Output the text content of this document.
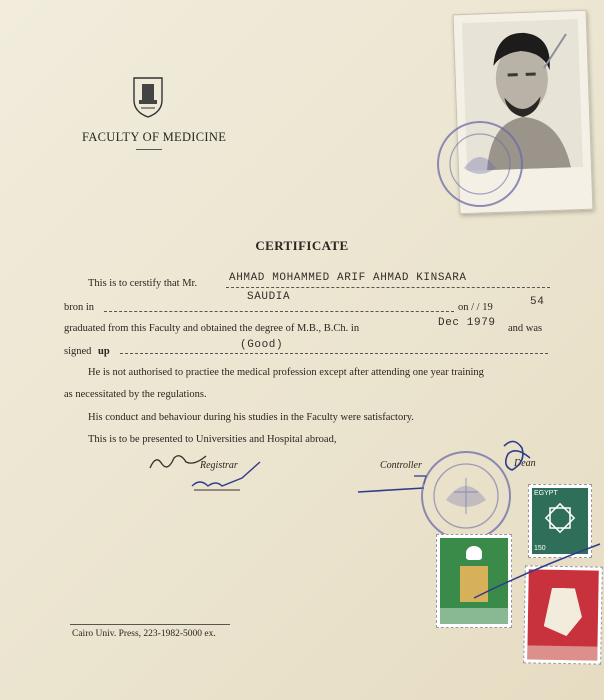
FACULTY OF MEDICINE
CERTIFICATE
This is to cerstify that Mr.	AHMAD MOHAMMED ARIF AHMAD KINSARA
bron in
SAUDIA
on / / 19	54
graduated from this Faculty and obtained the degree of M.B., B.Ch. in	Dec 1979 and was
signed up
(Good)
He is not authorised to practiee the medical profession except after attending one year training
as necessitated by the regulations.
His conduct and behaviour during his studies in the Faculty were satisfactory.
This is to be presented to Universities and Hospital abroad,
Registrar	Controller	Dean
EGYPT
150
Cairo Univ. Press, 223-1982-5000 ex.
